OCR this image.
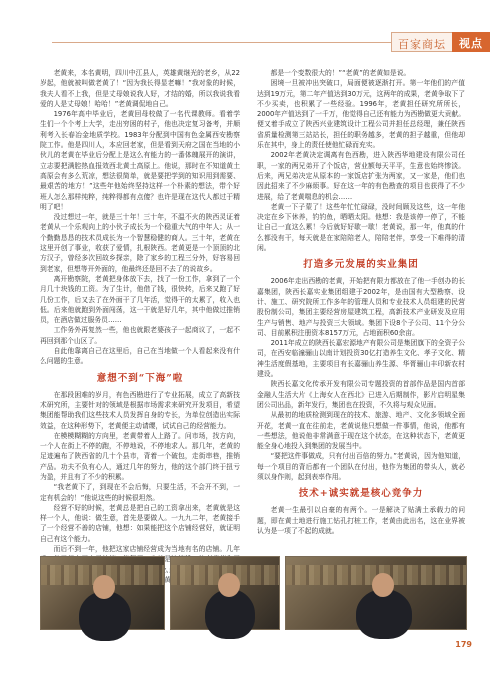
百家商坛	视点

老黄来，本名黄明，四川中江县人，英雄黄继光的老乡，从22岁起，他就被叫做老黄了！“因为我长得显老嘛！”我对象的时候，我夫人看不上我，但是丈母娘说我人好，才结的婚，所以我说我看爱的人是丈母娘！哈哈！”老黄调侃地自己。

1976年高中毕业后，老黄回母校做了一名代课教师。看着学生们一个个考上大学，走出穷困的村子，他也决定复习备考，并顺利考入长春冶金地质学校。1983年分配到中国有色金属西安勘察院工作。他是四川人，本应回老家，但是看到天府之国在当地的小伙儿的老黄在毕业后分配上是这么有能力的一番体魄展开的演讲，立志要把满腔热血报效西北黄土高原上。他说，那时在不知道黄土高原会有多么荒凉，想法很简单，就是要把学到的知识用到需要、最艰苦的地方！”这些年他始终坚持这样一个朴素的想法，带个好班人怎么那样纯粹，纯粹得都有点傻？也许是现在这代人都过于精明了吧！

没过想过一年，就是三十年！三十年，不温不火的陕西灵证着老黄从一个乐观向上的小伙子成长为一个稳重大气的中年人；从一个勤勤恳恳的技术员成长为一个智慧稳健的商人。三十年，老黄在这里开创了事业，收获了爱情，扎根陕西。老黄更是一个顶顶的北方汉子，曾经多次回故乡探亲，除了家乡的工程三分外，好容易回到老家，但想等开外面的，他最终还是回不去了的说故乡。

离开勘察院，老黄把身体放下去，找了一份工作，拿到了一个月几十块钱的工资。为了生计，他借了钱，很快转，后来又跑了好几份工作，后又去了在外面干了几年活，觉得干的太累了，收入也低。后来他就跑到外面闯荡，这一干就是好几年，其中他做过推销员，在酒店做过服务员……

工作务外再复然一些，他也就跟老婆孩子一起商议了，一起不再回到那个山区了。

自此他靠离自己在这里后，自己在当地做一个人看起来没有什么问题的生意。

意想不到“下海”啦

在那段困难的岁月，有色西勘进行了专业拓展，成立了高新技术研究所，主要针对的领域是根据市场需求来研究开发项目，希望集团能帮助我们这些技术人员发挥自身的专长，为单位创造出实际效益，在这种形势下，老黄便主动请缨，试试自己的经营能力。

在模模糊糊的方向里，老黄带着人上路了。问市场，找方向，一个人在街上不停的跑，不停地说，不停地求人。那几年，老黄的足迹遍布了陕西省的几十个县市，背着一个破包，走街串巷，推销产品。功夫不负有心人，通过几年的努力，他的这个部门终于扭亏为盈，并且有了不少的积累。

“我老黄下了，到现在不会后悔，只要生活，不会开不到，一定有机会的！”他说这些的时候很坦然。

经营不好的时候，老黄总是把自己的工资拿出来，老黄就是这样一个人，他说：做生意，首先是要做人。一九九二年，老黄接手了一个经营不善的店铺，他想：如果能把这个店铺经营好，就证明自己有这个能力。

而后不到一年，他把这家店铺经营成为当地有名的店铺。几年 是 这么多年 黄

都是一个变数很大的！”“老黄”的老黄如是说。

困境一旦被冲出突破口，局面便被逐渐打开。第一年他们的产值达到19万元，第二年产值达到30万元，这两年的成果，老黄争取下了不少买卖，也积累了一些经验。1996年，老黄担任研究所所长，2000年产值达到了一千万，他觉得自己还有能力为西勘做更大贡献。便又着手成立了陕西兴业建筑设计工程公司并担任总经理，兼任陕西省质量检测第三站站长，担任的职务越多，老黄的担子越重，但他却乐在其中，身上的责任使他忙碌而充实。

2002年老黄决定调离有色西勘，进入陕西华地建设有限公司任职，一家的两兄弟开了个饭店，营业额每天平平，生意也始终惨淡。后来，两兄弟决定从原本的一家饭店扩张为两家，又一家是，他们也因此招来了不少麻烦事。好在这一年的有色勘查的项目也获得了不少进展，给了老黄喘息的机会……

老黄一下子蒙了！这些年忙忙碌碌，没时间顾及这些，这一年他决定在乡下休养，钓钓鱼，晒晒太阳。他想：我是该停一停了，不能让自己一直这么累！今后就好好歇一歇！老黄说，那一年，他真的什么都没有干，每天就是在家陪陪老人，陪陪老伴，享受一下难得的清闲。

打造多元发展的实业集团

2006年走出西勘的老黄，开始把有限力都放在了他一手创办的长嘉集团，陕西长嘉实业集团组建于2002年，是由国有大型勘察、设计、施工、研究院所工作多年的管理人员和专业技术人员组建的民营股份制公司，集团主要经营房屋建筑工程，高新技术产业研发及应用生产与销售、地产与投资三大领域。集团下设8个子公司、11个分公司、目前累积注册资本8157万元，占地面积60余亩。

2011年成立的陕西长嘉宏源地产有限公司是集团旗下的全资子公司，在西安临潼骊山以南计划投资30亿打造养生文化、孝子文化、精神生活度假基地，主要项目有长嘉骊山养生源、华胥骊山丰印新农村建设。

陕西长嘉文化传承开发有限公司专题投资的首部作品是国内首部金融人生活大片《上海女人在西北》已进入后期制作，影片启明星集团公司出品，新年发行，集团也在投资，不久将与观众见面。

从最初的地质检测到现在的技术、旅游、地产、文化多领域全面开花，老黄一直在往前走，老黄说他只想做一件事情，他说，他都有一些想法，他说他非常满意于现在这个状态，在这种状态下，老黄更能全身心地投入到集团的发展当中。

“要把这件事做成，只有付出百倍的努力。”老黄说，因为他知道，每一个项目的背后都有一个团队在付出，他作为集团的带头人，就必须以身作则，起到表率作用。

技术+诚实就是核心竞争力

老黄一生最引以自豪的有两个。一是解决了贴满土承载力的问题，即在黄土地进行施工钻孔打桩工作，老黄由此出名，这在业界被认为是一项了不起的成就。

179
